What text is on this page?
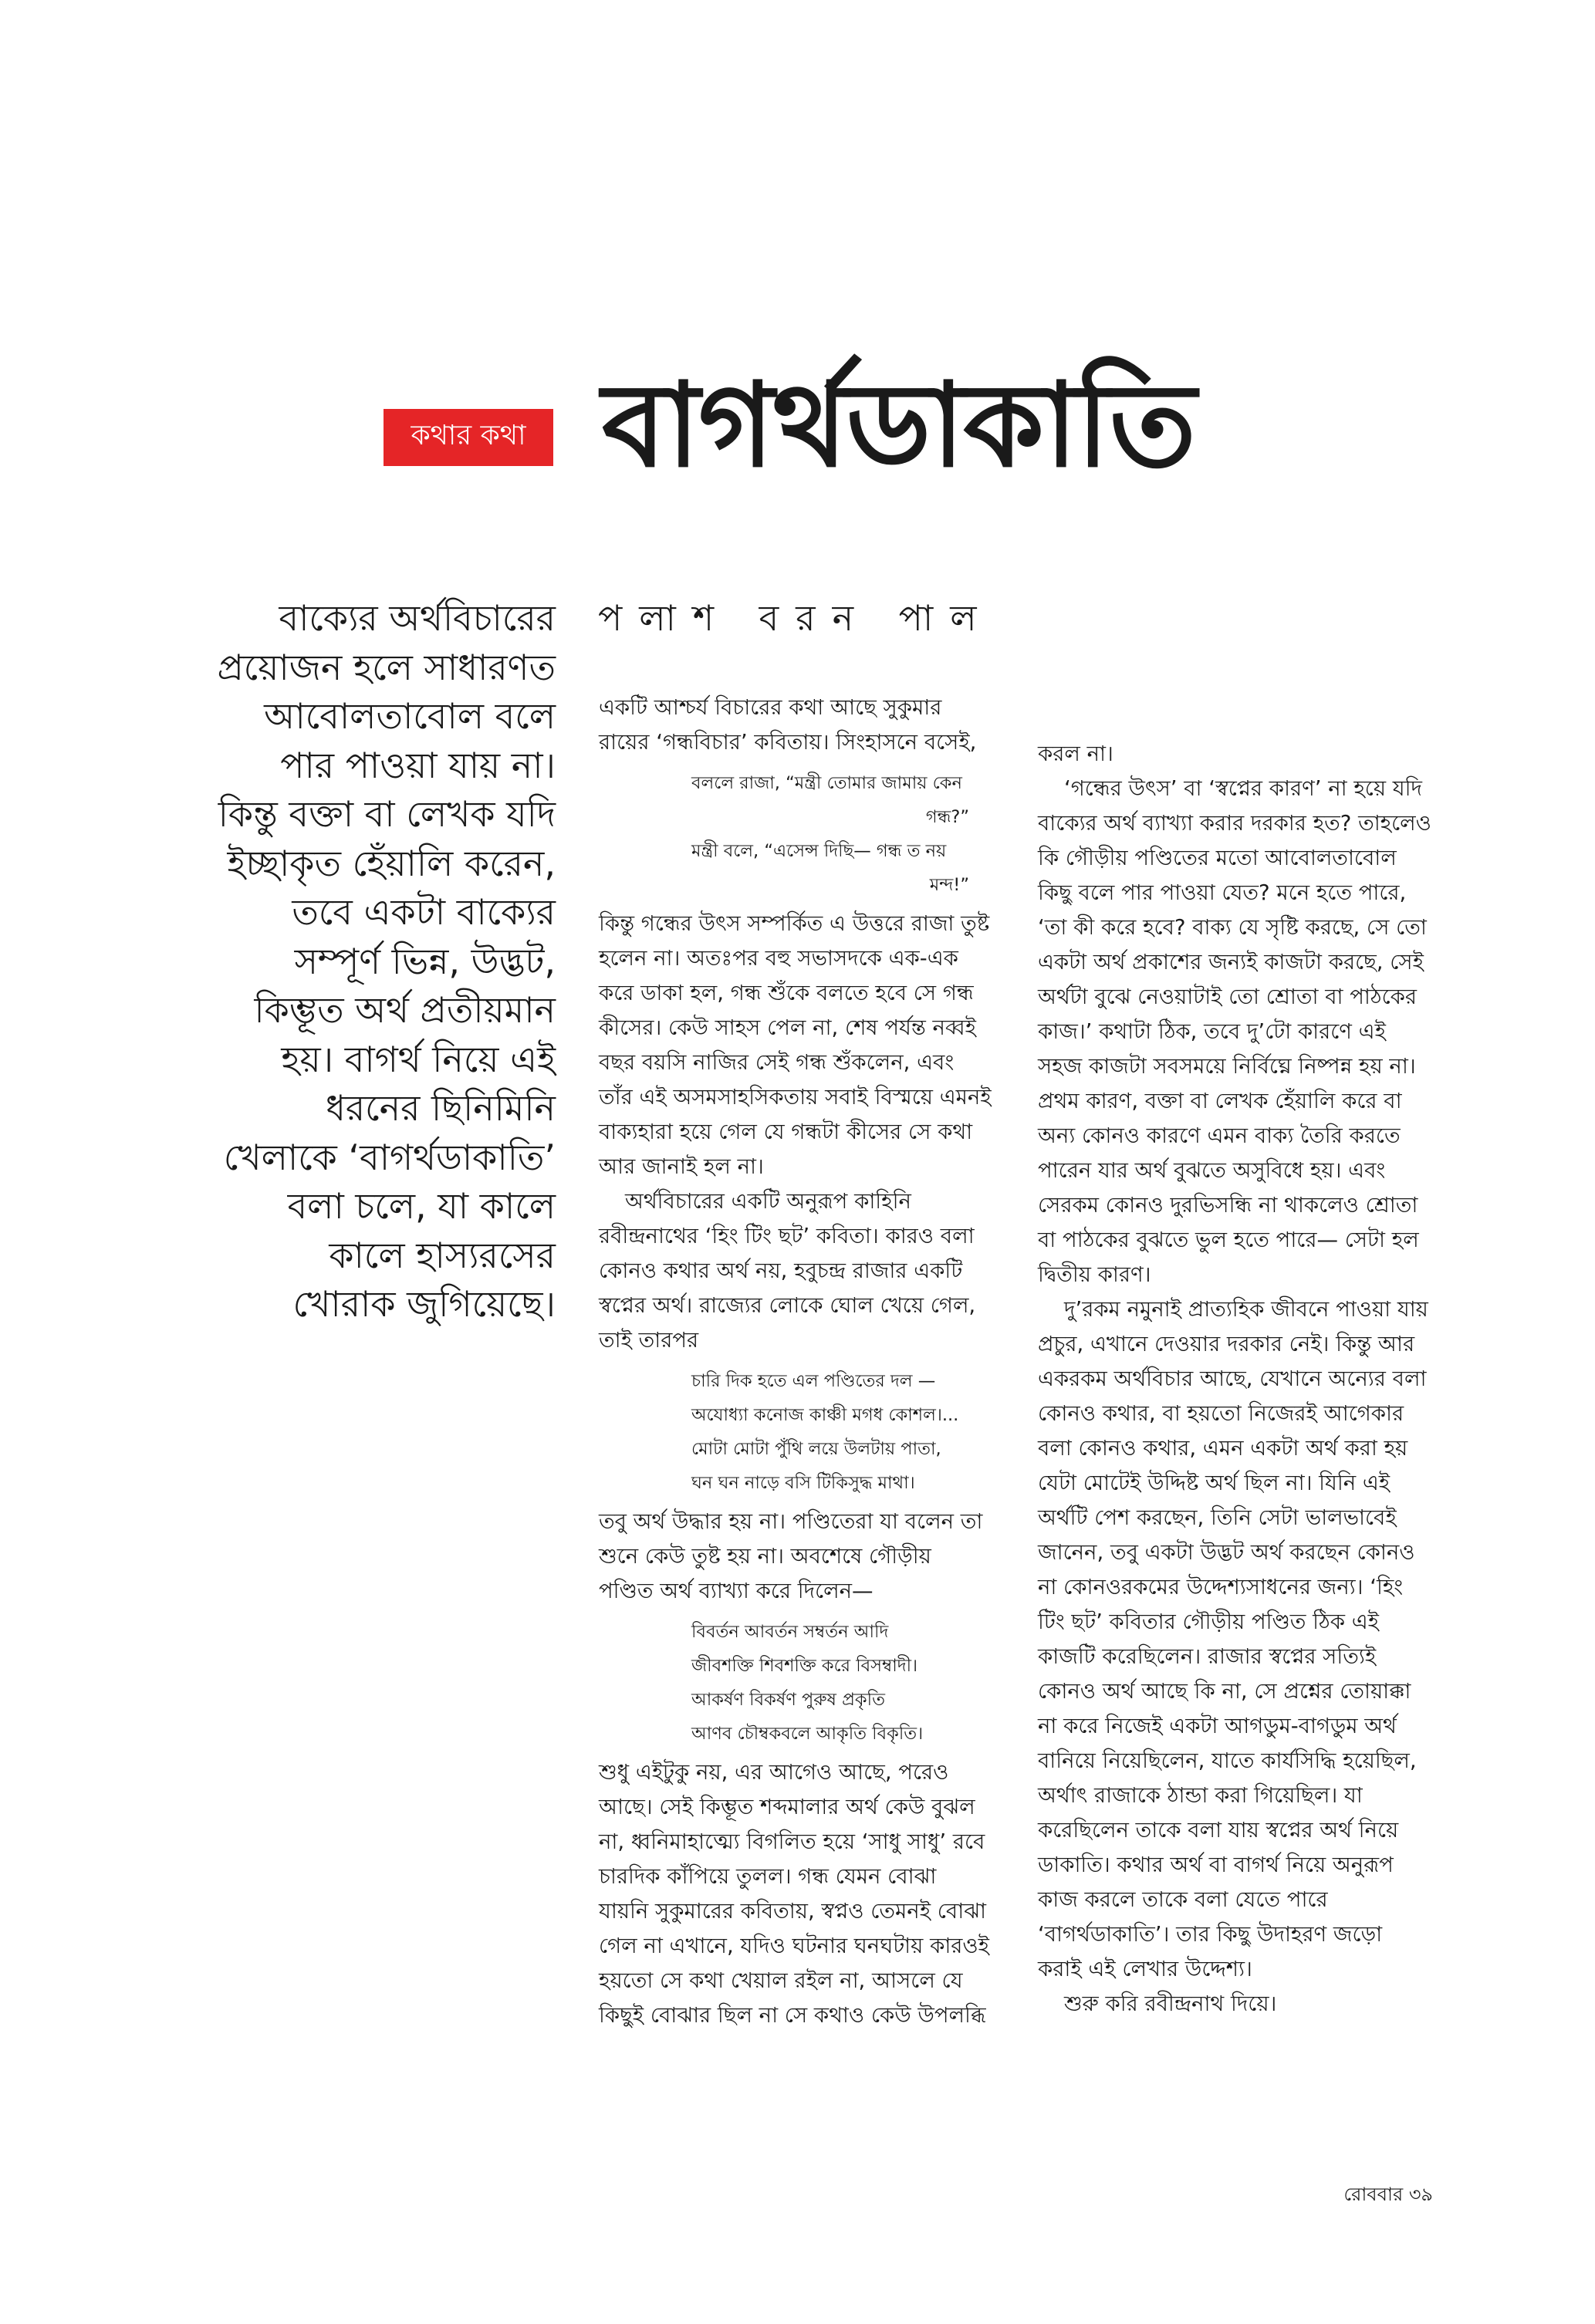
কথার কথা বাগর্থডাকাতি
বাক্যের অর্থবিচারের
প্রয়োজন হলে সাধারণত
আবোলতাবোল বলে
পার পাওয়া যায় না।
কিন্তু বক্তা বা লেখক যদি
ইচ্ছাকৃত হেঁয়ালি করেন,
তবে একটা বাক্যের
সম্পূর্ণ ভিন্ন, উদ্ভট,
কিম্ভূত অর্থ প্রতীয়মান
হয়। বাগর্থ নিয়ে এই
ধরনের ছিনিমিনি
খেলাকে ‘বাগর্থডাকাতি’
বলা চলে, যা কালে
কালে হাস্যরসের
খোরাক জুগিয়েছে।
পলাশ বরন পাল

একটি আশ্চর্য বিচারের কথা আছে সুকুমার রায়ের ‘গন্ধবিচার’ কবিতায়। সিংহাসনে বসেই,

বললে রাজা, “মন্ত্রী তোমার জামায় কেন
গন্ধ?”
মন্ত্রী বলে, “এসেন্স দিছি— গন্ধ ত নয়
মন্দ!”

কিন্তু গন্ধের উৎস সম্পর্কিত এ উত্তরে রাজা তুষ্ট হলেন না। অতঃপর বহু সভাসদকে এক-এক করে ডাকা হল, গন্ধ শুঁকে বলতে হবে সে গন্ধ কীসের। কেউ সাহস পেল না, শেষ পর্যন্ত নব্বই বছর বয়সি নাজির সেই গন্ধ শুঁকলেন, এবং তাঁর এই অসমসাহসিকতায় সবাই বিস্ময়ে এমনই বাক্যহারা হয়ে গেল যে গন্ধটা কীসের সে কথা আর জানাই হল না।

অর্থবিচারের একটি অনুরূপ কাহিনি রবীন্দ্রনাথের ‘হিং টিং ছট’ কবিতা। কারও বলা কোনও কথার অর্থ নয়, হবুচন্দ্র রাজার একটি স্বপ্নের অর্থ। রাজ্যের লোকে ঘোল খেয়ে গেল, তাই তারপর

চারি দিক হতে এল পণ্ডিতের দল —
অযোধ্যা কনোজ কাঞ্চী মগধ কোশল।...
মোটা মোটা পুঁথি লয়ে উলটায় পাতা,
ঘন ঘন নাড়ে বসি টিকিসুদ্ধ মাথা।

তবু অর্থ উদ্ধার হয় না। পণ্ডিতেরা যা বলেন তা শুনে কেউ তুষ্ট হয় না। অবশেষে গৌড়ীয় পণ্ডিত অর্থ ব্যাখ্যা করে দিলেন—

বিবর্তন আবর্তন সম্বর্তন আদি
জীবশক্তি শিবশক্তি করে বিসম্বাদী।
আকর্ষণ বিকর্ষণ পুরুষ প্রকৃতি
আণব চৌম্বকবলে আকৃতি বিকৃতি।

শুধু এইটুকু নয়, এর আগেও আছে, পরেও আছে। সেই কিম্ভূত শব্দমালার অর্থ কেউ বুঝল না, ধ্বনিমাহাত্ম্যে বিগলিত হয়ে ‘সাধু সাধু’ রবে চারদিক কাঁপিয়ে তুলল। গন্ধ যেমন বোঝা যায়নি সুকুমারের কবিতায়, স্বপ্নও তেমনই বোঝা গেল না এখানে, যদিও ঘটনার ঘনঘটায় কারওই হয়তো সে কথা খেয়াল রইল না, আসলে যে কিছুই বোঝার ছিল না সে কথাও কেউ উপলব্ধি

করল না।

‘গন্ধের উৎস’ বা ‘স্বপ্নের কারণ’ না হয়ে যদি বাক্যের অর্থ ব্যাখ্যা করার দরকার হত? তাহলেও কি গৌড়ীয় পণ্ডিতের মতো আবোলতাবোল কিছু বলে পার পাওয়া যেত? মনে হতে পারে, ‘তা কী করে হবে? বাক্য যে সৃষ্টি করছে, সে তো একটা অর্থ প্রকাশের জন্যই কাজটা করছে, সেই অর্থটা বুঝে নেওয়াটাই তো শ্রোতা বা পাঠকের কাজ।’ কথাটা ঠিক, তবে দু’টো কারণে এই সহজ কাজটা সবসময়ে নির্বিঘ্নে নিষ্পন্ন হয় না। প্রথম কারণ, বক্তা বা লেখক হেঁয়ালি করে বা অন্য কোনও কারণে এমন বাক্য তৈরি করতে পারেন যার অর্থ বুঝতে অসুবিধে হয়। এবং সেরকম কোনও দুরভিসন্ধি না থাকলেও শ্রোতা বা পাঠকের বুঝতে ভুল হতে পারে— সেটা হল দ্বিতীয় কারণ।

দু’রকম নমুনাই প্রাত্যহিক জীবনে পাওয়া যায় প্রচুর, এখানে দেওয়ার দরকার নেই। কিন্তু আর একরকম অর্থবিচার আছে, যেখানে অন্যের বলা কোনও কথার, বা হয়তো নিজেরই আগেকার বলা কোনও কথার, এমন একটা অর্থ করা হয় যেটা মোটেই উদ্দিষ্ট অর্থ ছিল না। যিনি এই অর্থটি পেশ করছেন, তিনি সেটা ভালভাবেই জানেন, তবু একটা উদ্ভট অর্থ করছেন কোনও না কোনওরকমের উদ্দেশ্যসাধনের জন্য। ‘হিং টিং ছট’ কবিতার গৌড়ীয় পণ্ডিত ঠিক এই কাজটি করেছিলেন। রাজার স্বপ্নের সত্যিই কোনও অর্থ আছে কি না, সে প্রশ্নের তোয়াক্কা না করে নিজেই একটা আগডুম-বাগডুম অর্থ বানিয়ে নিয়েছিলেন, যাতে কার্যসিদ্ধি হয়েছিল, অর্থাৎ রাজাকে ঠান্ডা করা গিয়েছিল। যা করেছিলেন তাকে বলা যায় স্বপ্নের অর্থ নিয়ে ডাকাতি। কথার অর্থ বা বাগর্থ নিয়ে অনুরূপ কাজ করলে তাকে বলা যেতে পারে ‘বাগর্থডাকাতি’। তার কিছু উদাহরণ জড়ো করাই এই লেখার উদ্দেশ্য।

শুরু করি রবীন্দ্রনাথ দিয়ে।

রোববার ৩৯
